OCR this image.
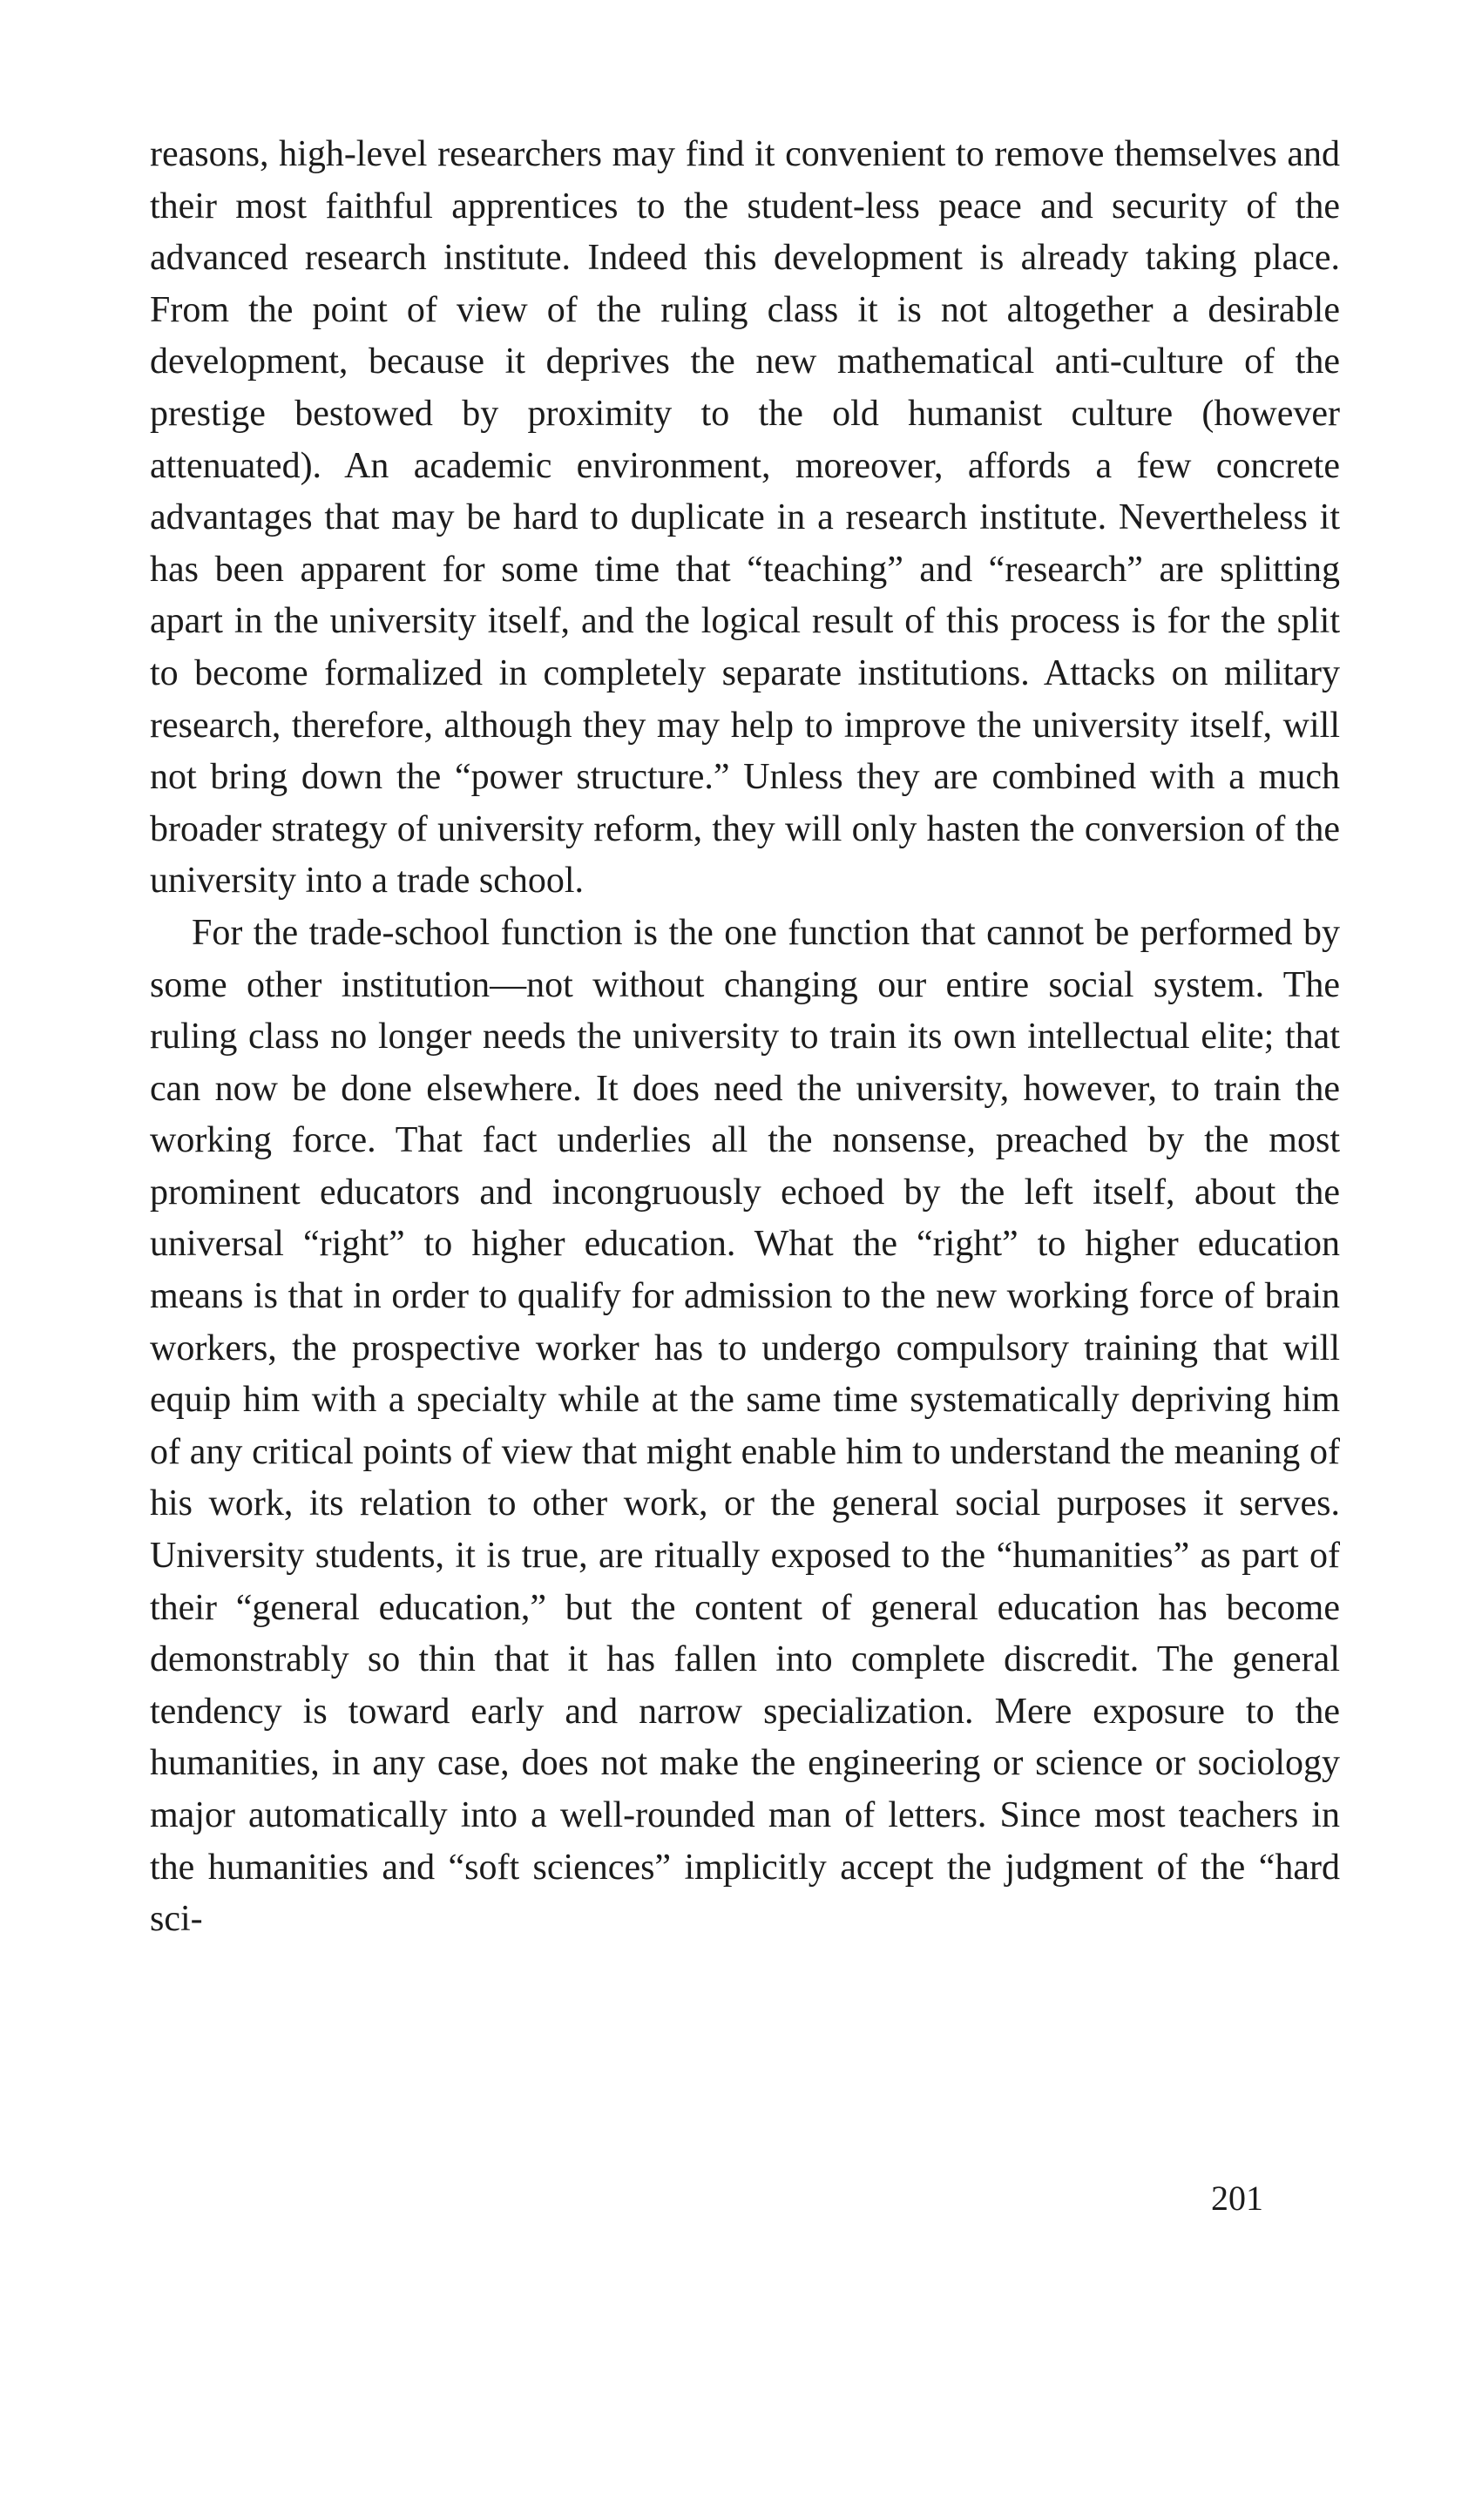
reasons, high-level researchers may find it convenient to remove themselves and their most faithful apprentices to the student-less peace and security of the advanced research institute. Indeed this development is already taking place. From the point of view of the ruling class it is not altogether a desirable development, because it deprives the new mathematical anti-culture of the prestige bestowed by proximity to the old humanist culture (however attenuated). An academic environment, moreover, affords a few concrete advantages that may be hard to duplicate in a research institute. Nevertheless it has been apparent for some time that “teaching” and “research” are splitting apart in the university itself, and the logical result of this process is for the split to become formalized in completely separate institutions. Attacks on military research, therefore, although they may help to improve the university itself, will not bring down the “power structure.” Unless they are combined with a much broader strategy of university reform, they will only hasten the conversion of the university into a trade school.

For the trade-school function is the one function that cannot be performed by some other institution—not without changing our entire social system. The ruling class no longer needs the university to train its own intellectual elite; that can now be done elsewhere. It does need the university, however, to train the working force. That fact underlies all the nonsense, preached by the most prominent educators and incongruously echoed by the left itself, about the universal “right” to higher education. What the “right” to higher education means is that in order to qualify for admission to the new working force of brain workers, the prospective worker has to undergo compulsory training that will equip him with a specialty while at the same time systematically depriving him of any critical points of view that might enable him to understand the meaning of his work, its relation to other work, or the general social purposes it serves. University students, it is true, are ritually exposed to the “humanities” as part of their “general education,” but the content of general education has become demonstrably so thin that it has fallen into complete discredit. The general tendency is toward early and narrow specialization. Mere exposure to the humanities, in any case, does not make the engineering or science or sociology major automatically into a well-rounded man of letters. Since most teachers in the humanities and “soft sciences” implicitly accept the judgment of the “hard sci-

201
